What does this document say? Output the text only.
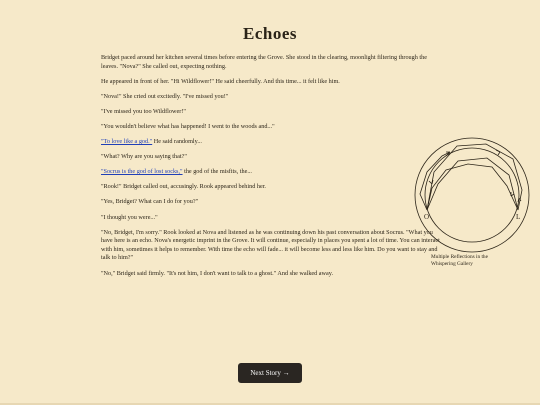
Echoes

Bridget paced around her kitchen several times before entering the Grove. She stood in the clearing, moonlight filtering through the leaves. "Nova?" She called out, expecting nothing.

He appeared in front of her. "Hi Wildflower!" He said cheerfully. And this time... it felt like him.

"Nova!" She cried out excitedly. "I've missed you!"

"I've missed you too Wildflower!"

"You wouldn't believe what has happened! I went to the woods and..."

"To love like a god." He said randomly...

"What? Why are you saying that?"

"Socrus is the god of lost socks," the god of the misfits, the...

"Rook!" Bridget called out, accusingly. Rook appeared behind her.

"Yes, Bridget? What can I do for you?"

"I thought you were..."

"No, Bridget, I'm sorry." Rook looked at Nova and listened as he was continuing down his past conversation about Socrus. "What you have here is an echo. Nova's energetic imprint in the Grove. It will continue, especially in places you spent a lot of time. You can interact with him, sometimes it helps to remember. With time the echo will fade... it will become less and less like him. Do you want to stay and talk to him?"

"No," Bridget said firmly. "It's not him, I don't want to talk to a ghost." And she walked away.

O	L
Multiple Reflections in the Whispering Gallery
Next Story →
